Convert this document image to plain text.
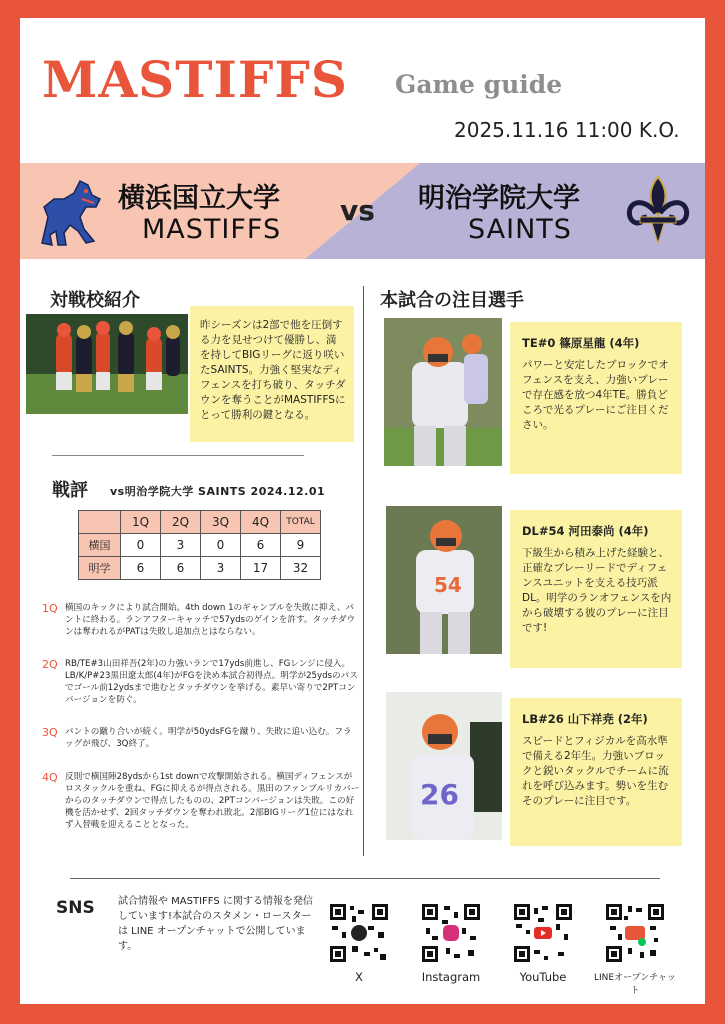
MASTIFFS Game guide
2025.11.16 11:00 K.O.
横浜国立大学
MASTIFFS
vs 明治学院大学
SAINTS
対戦校紹介
昨シーズンは2部で他を圧倒する力を見せつけて優勝し、満を持してBIGリーグに返り咲いたSAINTS。力強く堅実なディフェンスを打ち破り、タッチダウンを奪うことがMASTIFFSにとって勝利の鍵となる。
戦評 vs明治学院大学 SAINTS 2024.12.01
	1Q	2Q	3Q	4Q	TOTAL
横国	0	3	0	6	9
明学	6	6	3	17	32
1Q 横国のキックにより試合開始。4th down 1のギャンブルを失敗に抑え、パントに終わる。ランアフターキャッチで57ydsのゲインを許す。タッチダウンは奪われるがPATは失敗し追加点とはならない。
2Q RB/TE#3山田祥吾(2年)の力強いランで17yds前進し、FGレンジに侵入。LB/K/P#23黒田遼太郎(4年)がFGを決め本試合初得点。明学が25ydsのパスでゴール前12ydsまで進むとタッチダウンを挙げる。素早い寄りで2PTコンバージョンを防ぐ。
3Q パントの蹴り合いが続く。明学が50ydsFGを蹴り、失敗に追い込む。フラッグが飛び、3Q終了。
4Q 反則で横国陣28ydsから1st downで攻撃開始される。横国ディフェンスがロスタックルを重ね、FGに抑えるが得点される。黒田のファンブルリカバーからのタッチダウンで得点したものの、2PTコンバージョンは失敗。この好機を活かせず、2回タッチダウンを奪われ敗北。2部BIGリーグ1位にはなれず入替戦を迎えることとなった。
本試合の注目選手
TE#0 篠原星龍 (4年)
パワーと安定したブロックでオフェンスを支え、力強いプレーで存在感を放つ4年TE。勝負どころで光るプレーにご注目ください。
54
DL#54 河田泰尚 (4年)
下級生から積み上げた経験と、正確なブレーリードでディフェンスユニットを支える技巧派DL。明学のランオフェンスを内から破壊する彼のプレーに注目です!
26
LB#26 山下祥尭 (2年)
スピードとフィジカルを高水準で備える2年生。力強いブロックと鋭いタックルでチームに流れを呼び込みます。勢いを生むそのプレーに注目です。
SNS 試合情報や MASTIFFS に関する情報を発信しています!本試合のスタメン・ロースターは LINE オープンチャットで公開しています。
X	Instagram	YouTube	LINEオープンチャット
